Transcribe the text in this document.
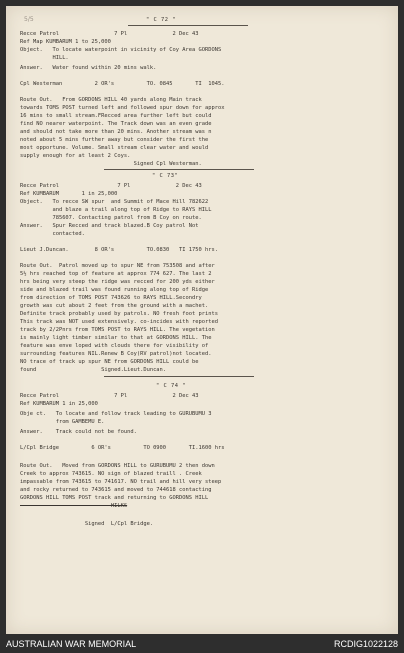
5/5	" C 72 "
Recce Patrol                 7 Pl              2 Dec 43
Ref Map KUMBARUM 1 to 25,000
Object.   To locate waterpoint in vicinity of Coy Area GORDONS
HILL.
Answer.   Water found within 20 mins walk.
Cpl Westerman          2 OR's          TO. 0845       TI  1045.
Route Out.   From GORDONS HILL 40 yards along Main track
towards TOMS POST turned left and followed spur down for approx
16 mins to small stream.FRecced area further left but could
find NO nearer waterpoint. The Track down was an even grade
and should not take more than 20 mins. Another stream was n
noted about 5 mins further away but consider the first the
most opportune. Volume. Small stream clear water and would
supply enough for at least 2 Coys.
Signed Cpl Westerman.
" C 73"
Recce Patrol                  7 Pl              2 Dec 43
Ref KUMBARUM       1 in 25,000
Object.   To recce SW spur  and Summit of Mace Hill 782622
and blaze a trail along top of Ridge to RAYS HILL
785607. Contacting patrol from B Coy on route.
Answer.   Spur Recced and track blazed.B Coy patrol Not
contacted.
Lieut J.Duncan.        8 OR's          TO.0830   TI 1750 hrs.
Route Out.  Patrol moved up to spur NE from 753508 and after
5½ hrs reached top of feature at approx 774 627. The last 2
hrs being very steep the ridge was recced for 200 yds either
side and blazed trail was found running along top of Ridge
from direction of TOMS POST 743626 to RAYS HILL.Secondry
growth was cut about 2 feet from the ground with a machet.
Definite track probably used by patrols. NO fresh foot prints
This track was NOT used extensively. co-incides with reported
track by 2/2Pnrs from TOMS POST to RAYS HILL. The vegetation
is mainly light timber similar to that at GORDONS HILL. The
feature was enve loped with clouds there for visibility of
surrounding features NIL.Renew B Coy(RV patrol)not located.
NO trace of track up spur NE from GORDONS HILL could be
found                    Signed.Lieut.Duncan.
" C 74 "
Recce Patrol                 7 Pl              2 Dec 43
Ref KUMBARUM 1 in 25,000
Obje ct.   To locate and follow track leading to GURUBUMU 3
from GAMBEMU E.
Answer.    Track could not be found.
L/Cpl Bridge          6 OR's          TO 0900       TI.1600 hrs
Route Out.   Moved from GORDONS HILL to GURUBUMU 2 then down
Creek to approx 743615. NO sign of blazed traill . Creek
impassable from 743615 to 741617. NO trail and hill very steep
and rocky returned to 743615 and moved to 744618 contacting
GORDONS HILL TOMS POST track and returning to GORDONS HILL
HILKS
Signed  L/Cpl Bridge.
AUSTRALIAN WAR MEMORIAL	RCDIG1022128
